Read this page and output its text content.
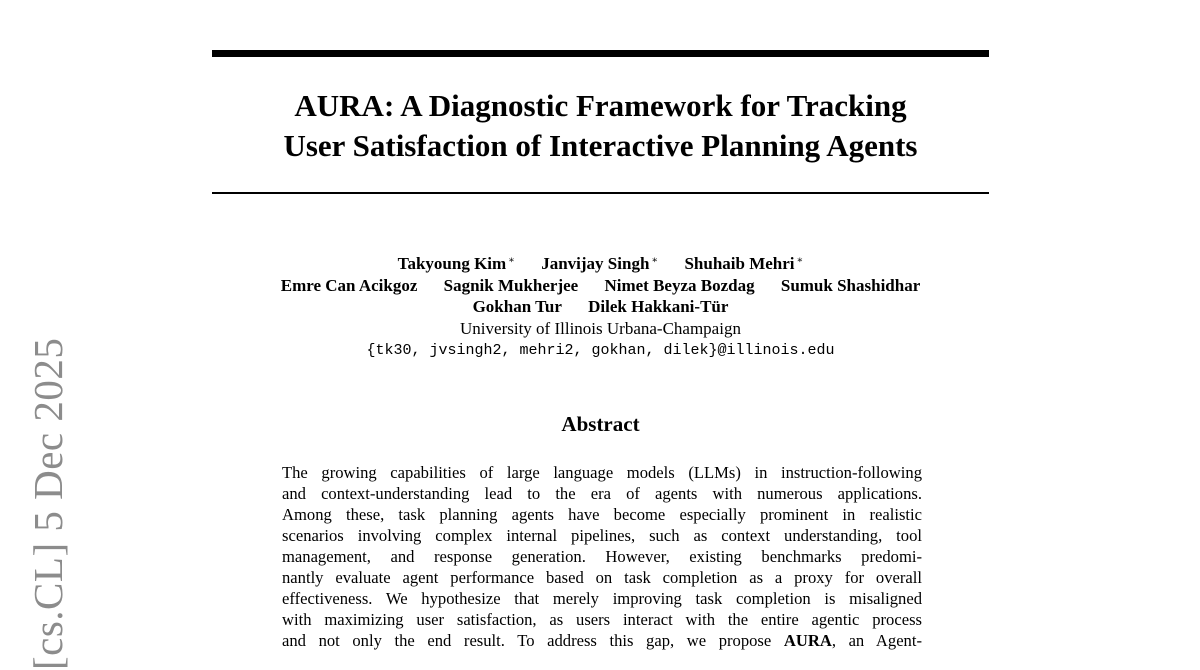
AURA: A Diagnostic Framework for Tracking
User Satisfaction of Interactive Planning Agents
Takyoung Kim ∗ Janvijay Singh ∗ Shuhaib Mehri ∗
Emre Can Acikgoz Sagnik Mukherjee Nimet Beyza Bozdag Sumuk Shashidhar
Gokhan Tur Dilek Hakkani-Tür
University of Illinois Urbana-Champaign
{tk30, jvsingh2, mehri2, gokhan, dilek}@illinois.edu
Abstract
The growing capabilities of large language models (LLMs) in instruction-following
and context-understanding lead to the era of agents with numerous applications.
Among these, task planning agents have become especially prominent in realistic
scenarios involving complex internal pipelines, such as context understanding, tool
management, and response generation. However, existing benchmarks predomi-
nantly evaluate agent performance based on task completion as a proxy for overall
effectiveness. We hypothesize that merely improving task completion is misaligned
with maximizing user satisfaction, as users interact with the entire agentic process
and not only the end result. To address this gap, we propose AURA, an Agent-
[cs.CL] 5 Dec 2025
